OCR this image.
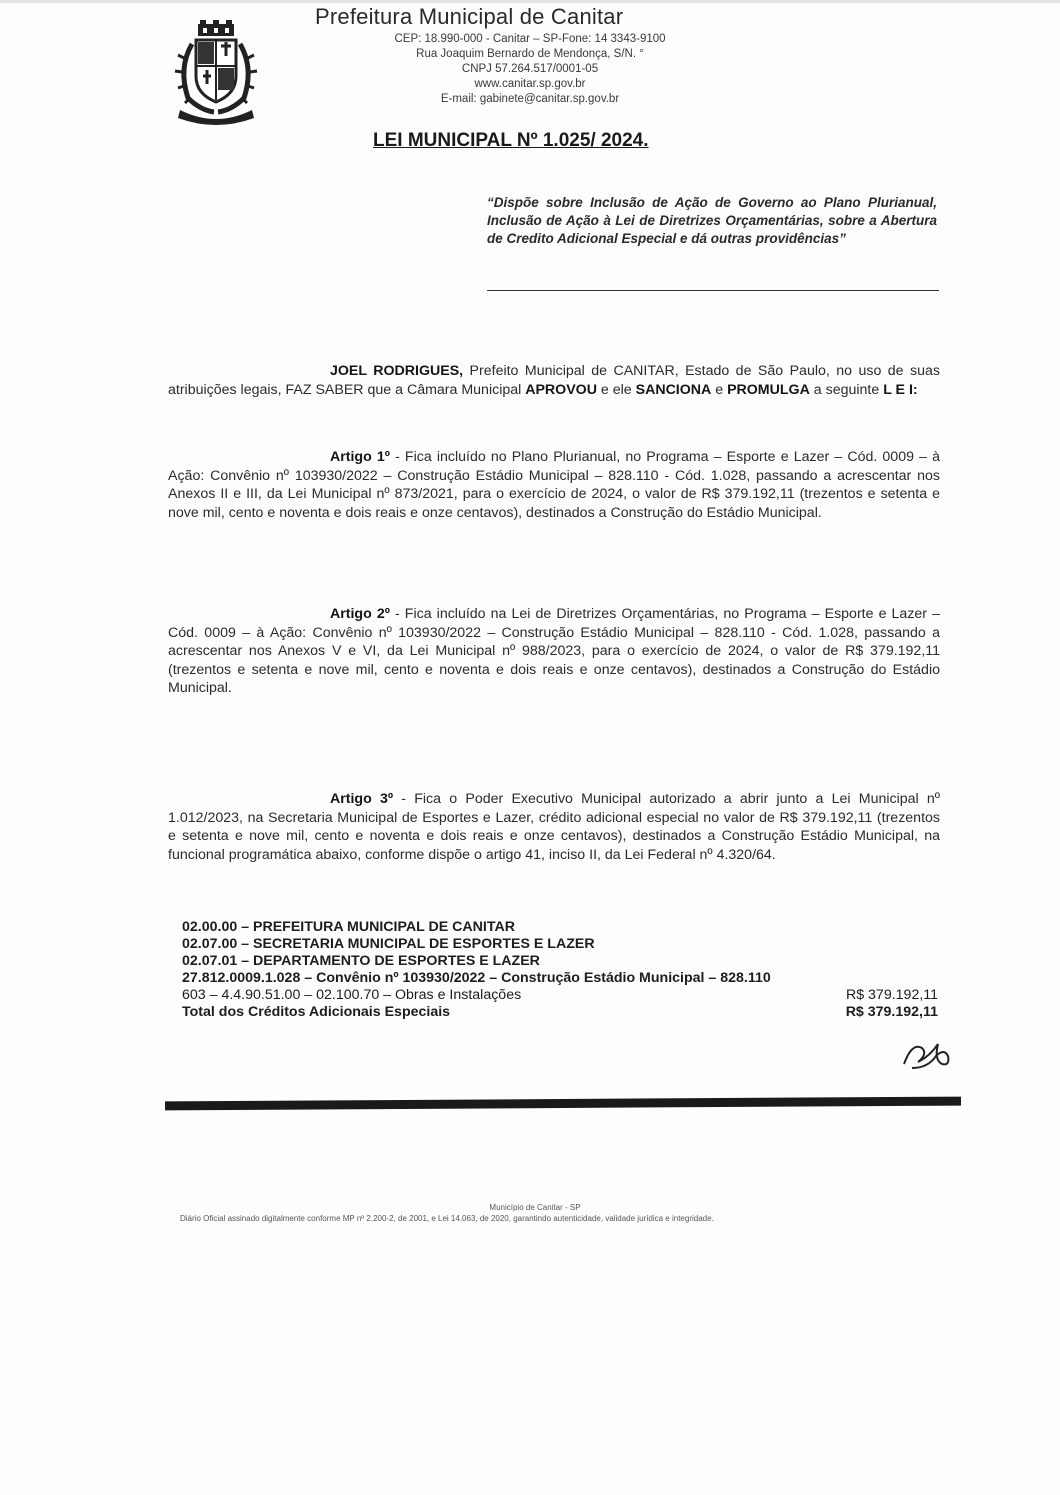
Prefeitura Municipal de Canitar
CEP: 18.990-000 - Canitar – SP-Fone: 14 3343-9100
Rua Joaquim Bernardo de Mendonça, S/N. °
CNPJ 57.264.517/0001-05
www.canitar.sp.gov.br
E-mail: gabinete@canitar.sp.gov.br
LEI MUNICIPAL Nº 1.025/ 2024.
“Dispõe sobre Inclusão de Ação de Governo ao Plano Plurianual, Inclusão de Ação à Lei de Diretrizes Orçamentárias, sobre a Abertura de Credito Adicional Especial e dá outras providências”
JOEL RODRIGUES, Prefeito Municipal de CANITAR, Estado de São Paulo, no uso de suas atribuições legais, FAZ SABER que a Câmara Municipal APROVOU e ele SANCIONA e PROMULGA a seguinte L E I:
Artigo 1º - Fica incluído no Plano Plurianual, no Programa – Esporte e Lazer – Cód. 0009 – à Ação: Convênio nº 103930/2022 – Construção Estádio Municipal – 828.110 - Cód. 1.028, passando a acrescentar nos Anexos II e III, da Lei Municipal nº 873/2021, para o exercício de 2024, o valor de R$ 379.192,11 (trezentos e setenta e nove mil, cento e noventa e dois reais e onze centavos), destinados a Construção do Estádio Municipal.
Artigo 2º - Fica incluído na Lei de Diretrizes Orçamentárias, no Programa – Esporte e Lazer – Cód. 0009 – à Ação: Convênio nº 103930/2022 – Construção Estádio Municipal – 828.110 - Cód. 1.028, passando a acrescentar nos Anexos V e VI, da Lei Municipal nº 988/2023, para o exercício de 2024, o valor de R$ 379.192,11 (trezentos e setenta e nove mil, cento e noventa e dois reais e onze centavos), destinados a Construção do Estádio Municipal.
Artigo 3º - Fica o Poder Executivo Municipal autorizado a abrir junto a Lei Municipal nº 1.012/2023, na Secretaria Municipal de Esportes e Lazer, crédito adicional especial no valor de R$ 379.192,11 (trezentos e setenta e nove mil, cento e noventa e dois reais e onze centavos), destinados a Construção Estádio Municipal, na funcional programática abaixo, conforme dispõe o artigo 41, inciso II, da Lei Federal nº 4.320/64.
02.00.00 – PREFEITURA MUNICIPAL DE CANITAR
02.07.00 – SECRETARIA MUNICIPAL DE ESPORTES E LAZER
02.07.01 – DEPARTAMENTO DE ESPORTES E LAZER
27.812.0009.1.028 – Convênio nº 103930/2022 – Construção Estádio Municipal – 828.110
603 – 4.4.90.51.00 – 02.100.70 – Obras e Instalações	R$ 379.192,11
Total dos Créditos Adicionais Especiais	R$ 379.192,11
Município de Canitar - SP
Diário Oficial assinado digitalmente conforme MP nº 2.200-2, de 2001, e Lei 14.063, de 2020, garantindo autenticidade, validade jurídica e integridade.
